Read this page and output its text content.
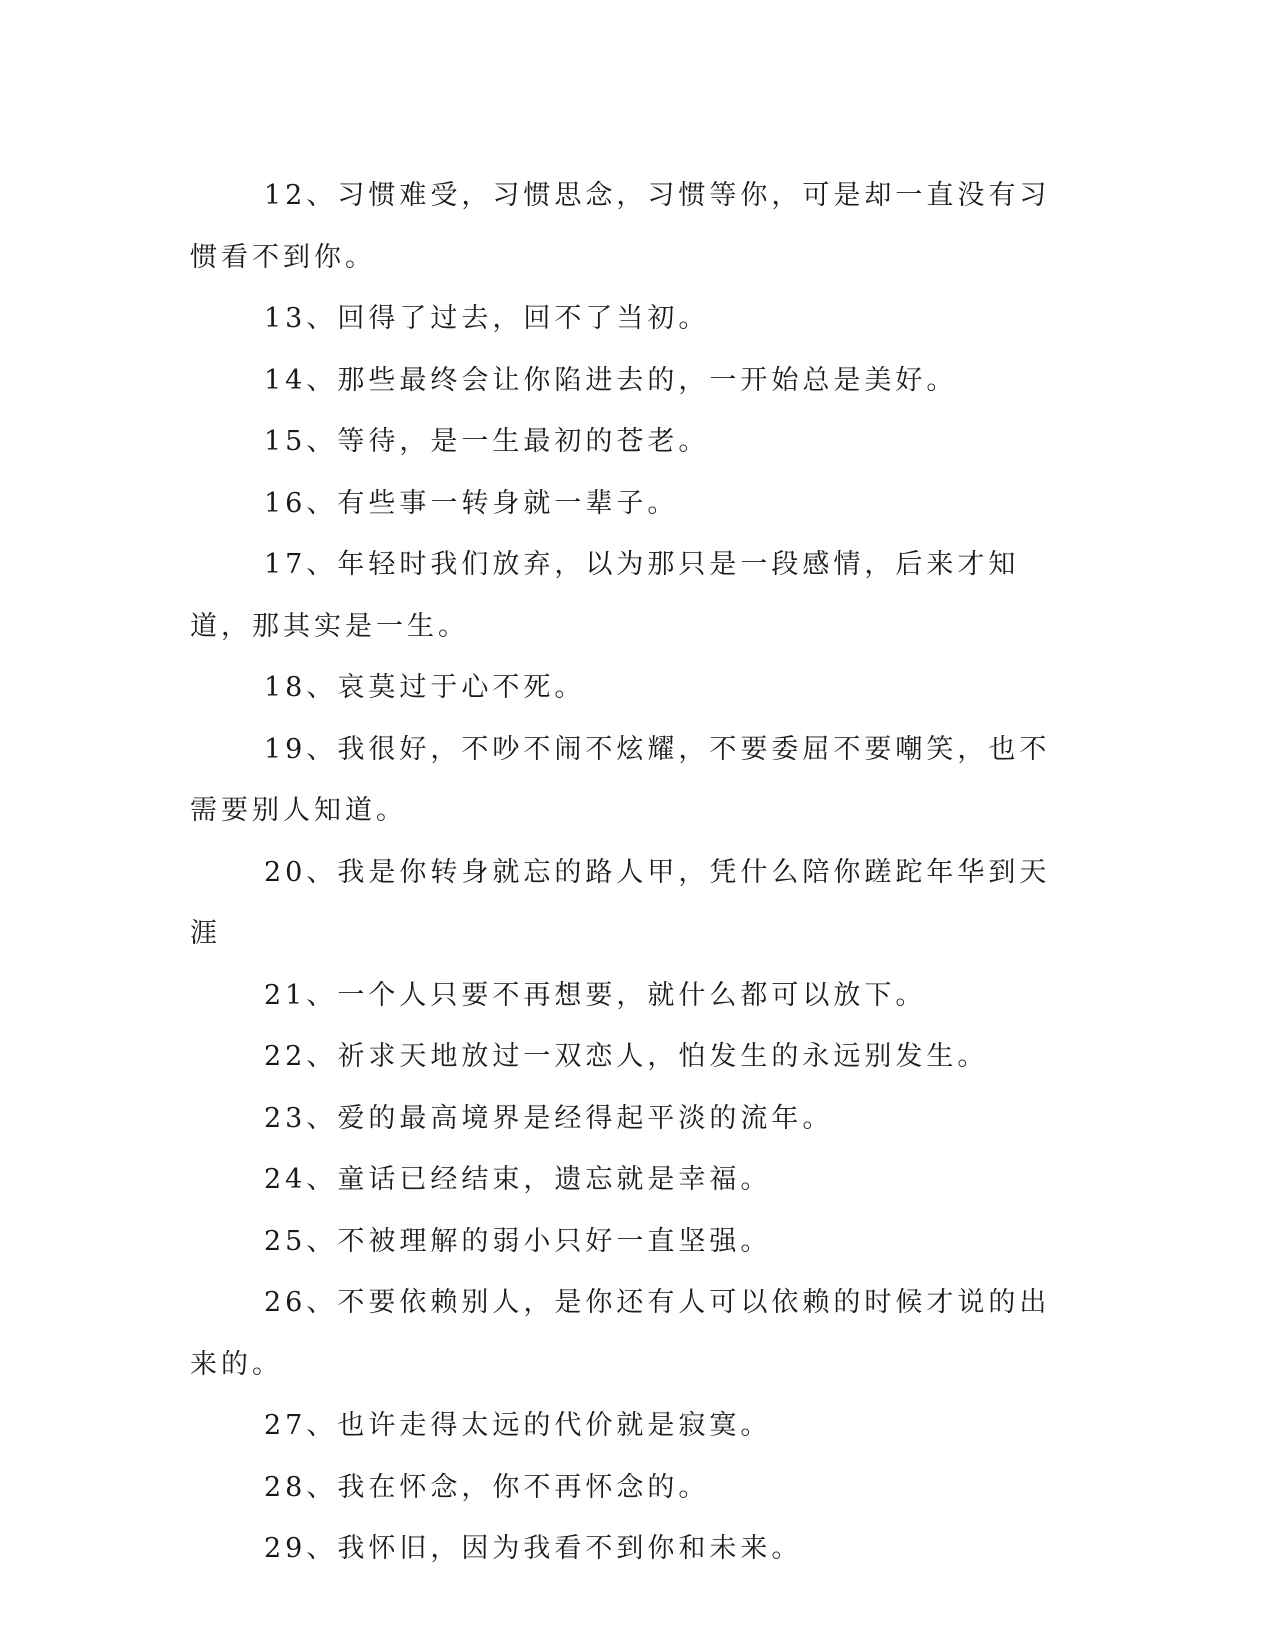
12、习惯难受，习惯思念，习惯等你，可是却一直没有习惯看不到你。

13、回得了过去，回不了当初。

14、那些最终会让你陷进去的，一开始总是美好。

15、等待，是一生最初的苍老。

16、有些事一转身就一辈子。

17、年轻时我们放弃，以为那只是一段感情，后来才知道，那其实是一生。

18、哀莫过于心不死。

19、我很好，不吵不闹不炫耀，不要委屈不要嘲笑，也不需要别人知道。

20、我是你转身就忘的路人甲，凭什么陪你蹉跎年华到天涯

21、一个人只要不再想要，就什么都可以放下。

22、祈求天地放过一双恋人，怕发生的永远别发生。

23、爱的最高境界是经得起平淡的流年。

24、童话已经结束，遗忘就是幸福。

25、不被理解的弱小只好一直坚强。

26、不要依赖别人，是你还有人可以依赖的时候才说的出来的。

27、也许走得太远的代价就是寂寞。

28、我在怀念，你不再怀念的。

29、我怀旧，因为我看不到你和未来。
